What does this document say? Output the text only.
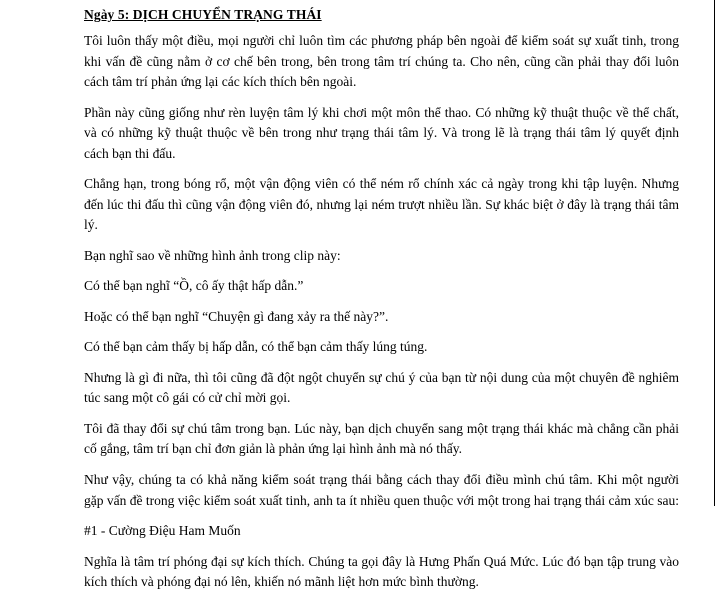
Ngày 5: DỊCH CHUYỂN TRẠNG THÁI

Tôi luôn thấy một điều, mọi người chỉ luôn tìm các phương pháp bên ngoài để kiểm soát sự xuất tinh, trong khi vấn đề cũng nằm ở cơ chế bên trong, bên trong tâm trí chúng ta. Cho nên, cũng cần phải thay đổi luôn cách tâm trí phản ứng lại các kích thích bên ngoài.

Phần này cũng giống như rèn luyện tâm lý khi chơi một môn thể thao. Có những kỹ thuật thuộc về thể chất, và có những kỹ thuật thuộc về bên trong như trạng thái tâm lý. Và trong lẽ là trạng thái tâm lý quyết định cách bạn thi đấu.

Chẳng hạn, trong bóng rổ, một vận động viên có thể ném rổ chính xác cả ngày trong khi tập luyện. Nhưng đến lúc thi đấu thì cũng vận động viên đó, nhưng lại ném trượt nhiều lần. Sự khác biệt ở đây là trạng thái tâm lý.

Bạn nghĩ sao về những hình ảnh trong clip này:

Có thể bạn nghĩ “Ồ, cô ấy thật hấp dẫn.”

Hoặc có thể bạn nghĩ “Chuyện gì đang xảy ra thế này?”.

Có thể bạn cảm thấy bị hấp dẫn, có thể bạn cảm thấy lúng túng.

Nhưng là gì đi nữa, thì tôi cũng đã đột ngột chuyển sự chú ý của bạn từ nội dung của một chuyên đề nghiêm túc sang một cô gái có cử chỉ mời gọi.

Tôi đã thay đổi sự chú tâm trong bạn. Lúc này, bạn dịch chuyển sang một trạng thái khác mà chẳng cần phải cố gắng, tâm trí bạn chỉ đơn giản là phản ứng lại hình ảnh mà nó thấy.

Như vậy, chúng ta có khả năng kiểm soát trạng thái bằng cách thay đổi điều mình chú tâm. Khi một người gặp vấn đề trong việc kiểm soát xuất tinh, anh ta ít nhiều quen thuộc với một trong hai trạng thái cảm xúc sau:

#1 - Cường Điệu Ham Muốn

Nghĩa là tâm trí phóng đại sự kích thích. Chúng ta gọi đây là Hưng Phấn Quá Mức. Lúc đó bạn tập trung vào kích thích và phóng đại nó lên, khiến nó mãnh liệt hơn mức bình thường.
